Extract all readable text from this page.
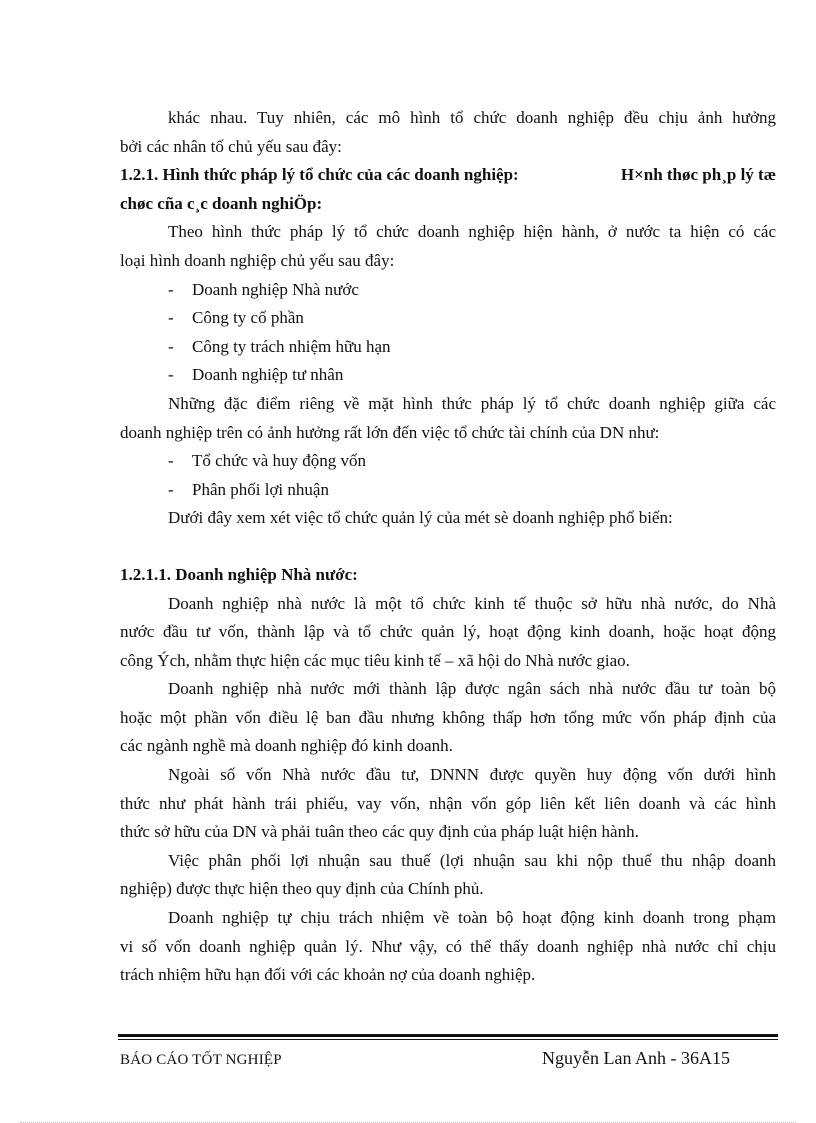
khác nhau. Tuy nhiên, các mô hình tổ chức doanh nghiệp đều chịu ảnh hưởng
bởi các nhân tố chủ yếu sau đây:
1.2.1. Hình thức pháp lý tổ chức của các doanh nghiệp:	H×nh thøc ph¸p lý tæ
chøc cña c¸c doanh nghiÖp:
Theo hình thức pháp lý tổ chức doanh nghiệp hiện hành, ở nước ta hiện có các
loại hình doanh nghiệp chủ yếu sau đây:
-	Doanh nghiệp Nhà nước
-	Công ty cổ phần
-	Công ty trách nhiệm hữu hạn
-	Doanh nghiệp tư nhân
Những đặc điểm riêng về mặt hình thức pháp lý tổ chức doanh nghiệp giữa các
doanh nghiệp trên có ảnh hưởng rất lớn đến việc tổ chức tài chính của DN như:
-	Tổ chức và huy động vốn
-	Phân phối lợi nhuận
Dưới đây xem xét việc tổ chức quản lý của mét sè doanh nghiệp phổ biến:
1.2.1.1. Doanh nghiệp Nhà nước:
Doanh nghiệp nhà nước là một tổ chức kinh tế thuộc sở hữu nhà nước, do Nhà
nước đầu tư vốn, thành lập và tổ chức quản lý, hoạt động kinh doanh, hoặc hoạt động
công Ých, nhằm thực hiện các mục tiêu kinh tế – xã hội do Nhà nước giao.
Doanh nghiệp nhà nước mới thành lập được ngân sách nhà nước đầu tư toàn bộ
hoặc một phần vốn điều lệ ban đầu nhưng không thấp hơn tổng mức vốn pháp định của
các ngành nghề mà doanh nghiệp đó kinh doanh.
Ngoài số vốn Nhà nước đầu tư, DNNN được quyền huy động vốn dưới hình
thức như phát hành trái phiếu, vay vốn, nhận vốn góp liên kết liên doanh và các hình
thức sở hữu của DN và phải tuân theo các quy định của pháp luật hiện hành.
Việc phân phối lợi nhuận sau thuế (lợi nhuận sau khi nộp thuế thu nhập doanh
nghiệp) được thực hiện theo quy định của Chính phủ.
Doanh nghiệp tự chịu trách nhiệm về toàn bộ hoạt động kinh doanh trong phạm
vi số vốn doanh nghiệp quản lý. Như vậy, có thể thấy doanh nghiệp nhà nước chỉ chịu
trách nhiệm hữu hạn đối với các khoản nợ của doanh nghiệp.
BÁO CÁO TỐT NGHIỆP	Nguyễn Lan Anh - 36A15
